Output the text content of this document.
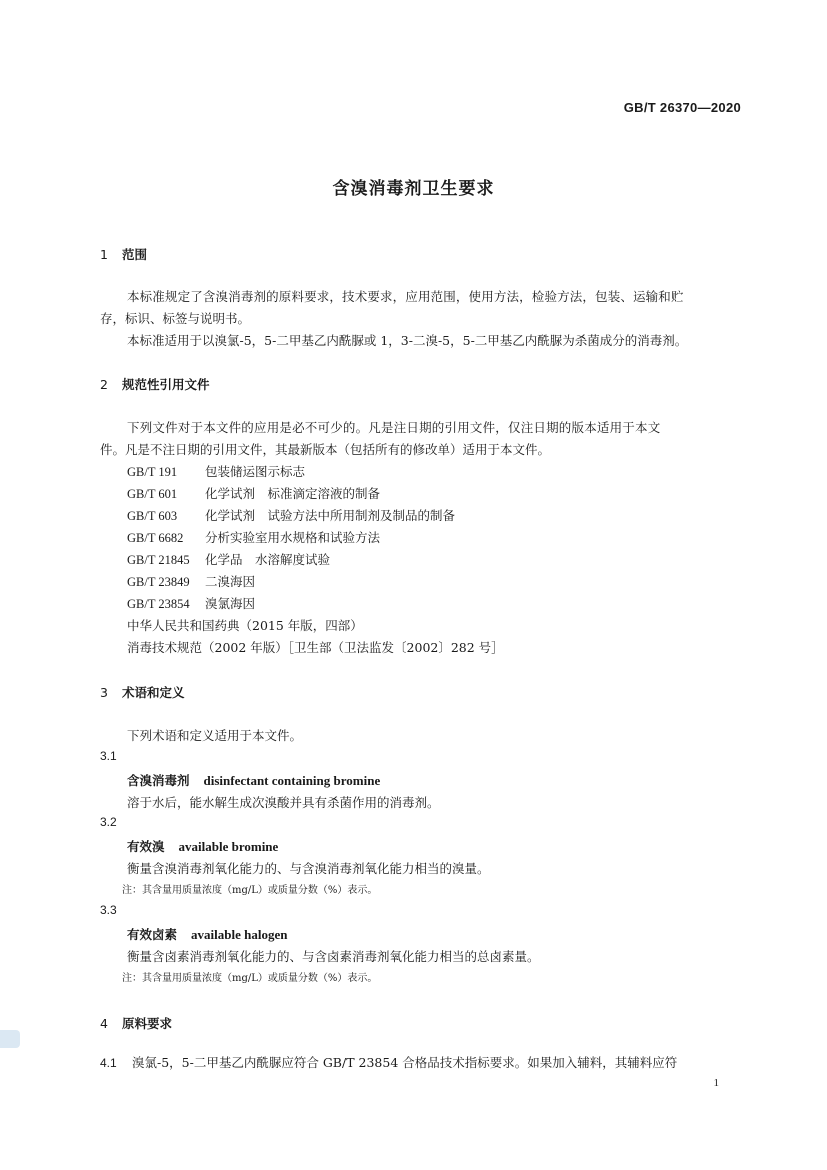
GB/T 26370—2020
含溴消毒剂卫生要求
1 范围
本标准规定了含溴消毒剂的原料要求，技术要求，应用范围，使用方法，检验方法，包装、运输和贮
存，标识、标签与说明书。
本标准适用于以溴氯-5，5-二甲基乙内酰脲或 1，3-二溴-5，5-二甲基乙内酰脲为杀菌成分的消毒剂。
2 规范性引用文件
下列文件对于本文件的应用是必不可少的。凡是注日期的引用文件，仅注日期的版本适用于本文
件。凡是不注日期的引用文件，其最新版本（包括所有的修改单）适用于本文件。
GB/T 191 包装储运图示标志
GB/T 601 化学试剂　标准滴定溶液的制备
GB/T 603 化学试剂　试验方法中所用制剂及制品的制备
GB/T 6682 分析实验室用水规格和试验方法
GB/T 21845 化学品　水溶解度试验
GB/T 23849 二溴海因
GB/T 23854 溴氯海因
中华人民共和国药典（2015 年版，四部）
消毒技术规范（2002 年版）［卫生部（卫法监发〔2002〕282 号］
3 术语和定义
下列术语和定义适用于本文件。
3.1
含溴消毒剂 disinfectant containing bromine
溶于水后，能水解生成次溴酸并具有杀菌作用的消毒剂。
3.2
有效溴 available bromine
衡量含溴消毒剂氧化能力的、与含溴消毒剂氧化能力相当的溴量。
注：其含量用质量浓度（mg/L）或质量分数（%）表示。
3.3
有效卤素 available halogen
衡量含卤素消毒剂氧化能力的、与含卤素消毒剂氧化能力相当的总卤素量。
注：其含量用质量浓度（mg/L）或质量分数（%）表示。
4 原料要求
4.1 溴氯-5，5-二甲基乙内酰脲应符合 GB/T 23854 合格品技术指标要求。如果加入辅料，其辅料应符
1
